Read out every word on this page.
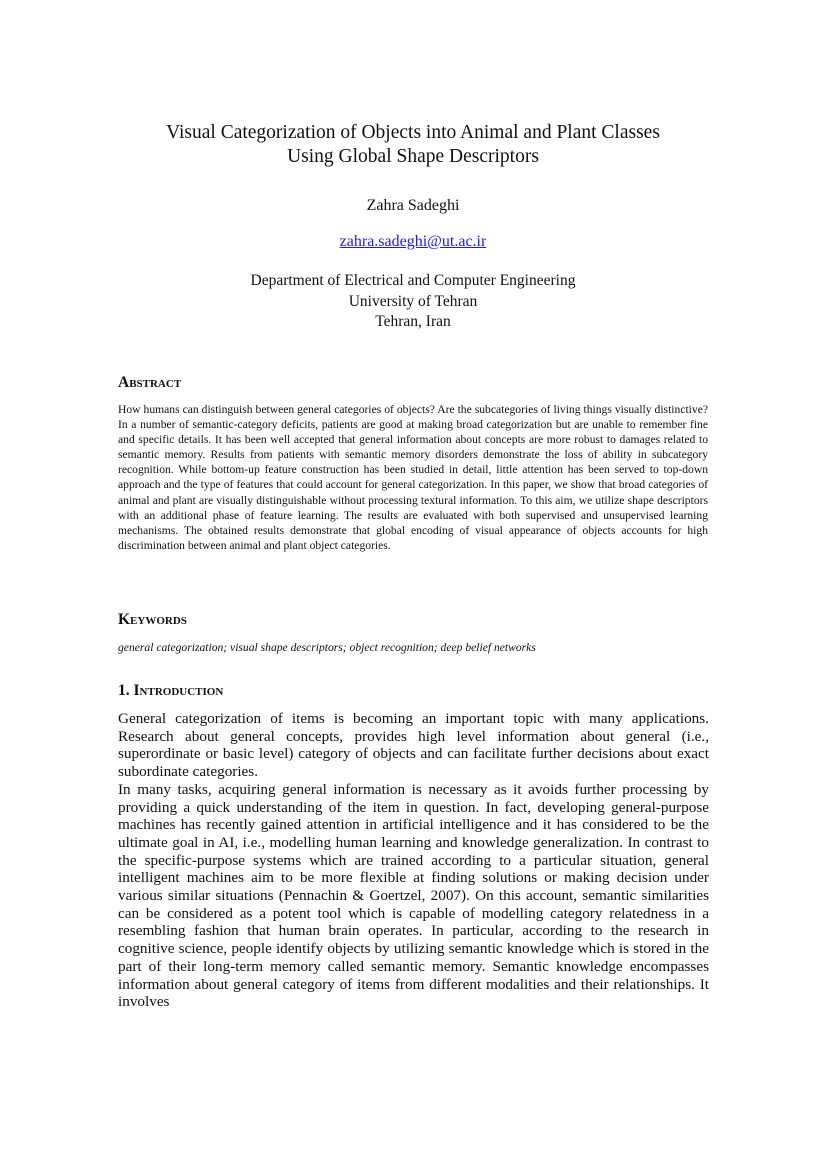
Visual Categorization of Objects into Animal and Plant Classes
Using Global Shape Descriptors
Zahra Sadeghi
zahra.sadeghi@ut.ac.ir
Department of Electrical and Computer Engineering
University of Tehran
Tehran, Iran
Abstract
How humans can distinguish between general categories of objects? Are the subcategories of living things visually distinctive? In a number of semantic-category deficits, patients are good at making broad categorization but are unable to remember fine and specific details. It has been well accepted that general information about concepts are more robust to damages related to semantic memory. Results from patients with semantic memory disorders demonstrate the loss of ability in subcategory recognition. While bottom-up feature construction has been studied in detail, little attention has been served to top-down approach and the type of features that could account for general categorization. In this paper, we show that broad categories of animal and plant are visually distinguishable without processing textural information. To this aim, we utilize shape descriptors with an additional phase of feature learning. The results are evaluated with both supervised and unsupervised learning mechanisms. The obtained results demonstrate that global encoding of visual appearance of objects accounts for high discrimination between animal and plant object categories.
Keywords
general categorization; visual shape descriptors; object recognition; deep belief networks
1. Introduction

General categorization of items is becoming an important topic with many applications. Research about general concepts, provides high level information about general (i.e., superordinate or basic level) category of objects and can facilitate further decisions about exact subordinate categories.

In many tasks, acquiring general information is necessary as it avoids further processing by providing a quick understanding of the item in question. In fact, developing general-purpose machines has recently gained attention in artificial intelligence and it has considered to be the ultimate goal in AI, i.e., modelling human learning and knowledge generalization. In contrast to the specific-purpose systems which are trained according to a particular situation, general intelligent machines aim to be more flexible at finding solutions or making decision under various similar situations (Pennachin & Goertzel, 2007). On this account, semantic similarities can be considered as a potent tool which is capable of modelling category relatedness in a resembling fashion that human brain operates. In particular, according to the research in cognitive science, people identify objects by utilizing semantic knowledge which is stored in the part of their long-term memory called semantic memory. Semantic knowledge encompasses information about general category of items from different modalities and their relationships. It involves
